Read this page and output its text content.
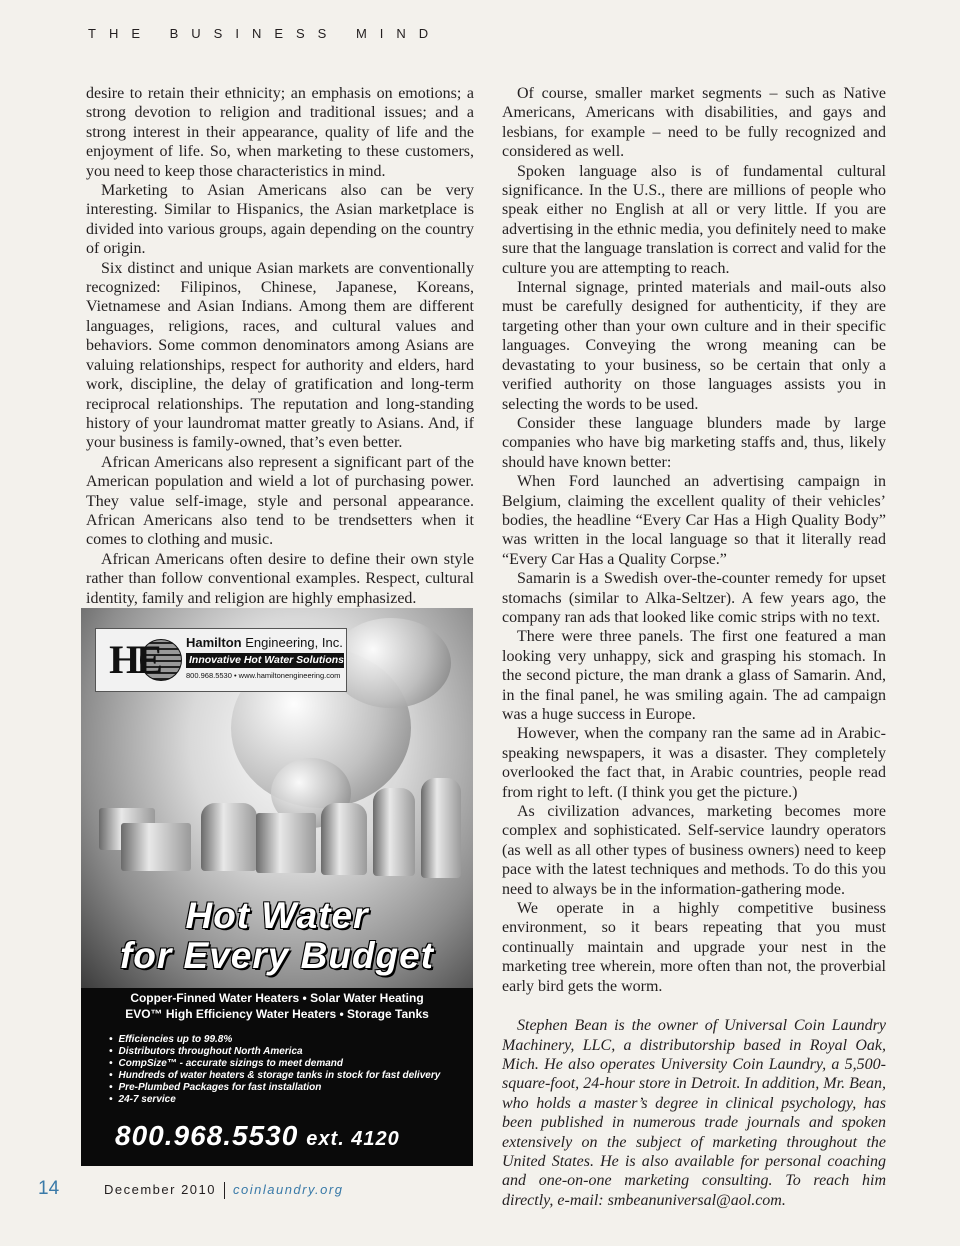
THE BUSINESS MIND

desire to retain their ethnicity; an emphasis on emotions; a strong devotion to religion and traditional issues; and a strong interest in their appearance, quality of life and the enjoyment of life. So, when marketing to these customers, you need to keep those characteristics in mind.

Marketing to Asian Americans also can be very interesting. Similar to Hispanics, the Asian marketplace is divided into various groups, again depending on the country of origin.

Six distinct and unique Asian markets are conventionally recognized: Filipinos, Chinese, Japanese, Koreans, Vietnamese and Asian Indians. Among them are different languages, religions, races, and cultural values and behaviors. Some common denominators among Asians are valuing relationships, respect for authority and elders, hard work, discipline, the delay of gratification and long-term reciprocal relationships. The reputation and long-standing history of your laundromat matter greatly to Asians. And, if your business is family-owned, that’s even better.

African Americans also represent a significant part of the American population and wield a lot of purchasing power. They value self-image, style and personal appearance. African Americans also tend to be trendsetters when it comes to clothing and music.

African Americans often desire to define their own style rather than follow conventional examples. Respect, cultural identity, family and religion are highly emphasized.

HE	Hamilton Engineering, Inc.
Innovative Hot Water Solutions
800.968.5530 • www.hamiltonengineering.com
Hot Water
for Every Budget
Copper-Finned Water Heaters • Solar Water Heating
EVO™ High Efficiency Water Heaters • Storage Tanks
• Efficiencies up to 99.8%
• Distributors throughout North America
• CompSize™ - accurate sizings to meet demand
• Hundreds of water heaters & storage tanks in stock for fast delivery
• Pre-Plumbed Packages for fast installation
• 24-7 service
800.968.5530 ext. 4120

Of course, smaller market segments – such as Native Americans, Americans with disabilities, and gays and lesbians, for example – need to be fully recognized and considered as well.

Spoken language also is of fundamental cultural significance. In the U.S., there are millions of people who speak either no English at all or very little. If you are advertising in the ethnic media, you definitely need to make sure that the language translation is correct and valid for the culture you are attempting to reach.

Internal signage, printed materials and mail-outs also must be carefully designed for authenticity, if they are targeting other than your own culture and in their specific languages. Conveying the wrong meaning can be devastating to your business, so be certain that only a verified authority on those languages assists you in selecting the words to be used.

Consider these language blunders made by large companies who have big marketing staffs and, thus, likely should have known better:

When Ford launched an advertising campaign in Belgium, claiming the excellent quality of their vehicles’ bodies, the headline “Every Car Has a High Quality Body” was written in the local language so that it literally read “Every Car Has a Quality Corpse.”

Samarin is a Swedish over-the-counter remedy for upset stomachs (similar to Alka-Seltzer). A few years ago, the company ran ads that looked like comic strips with no text.

There were three panels. The first one featured a man looking very unhappy, sick and grasping his stomach. In the second picture, the man drank a glass of Samarin. And, in the final panel, he was smiling again. The ad campaign was a huge success in Europe.

However, when the company ran the same ad in Arabic-speaking newspapers, it was a disaster. They completely overlooked the fact that, in Arabic countries, people read from right to left. (I think you get the picture.)

As civilization advances, marketing becomes more complex and sophisticated. Self-service laundry operators (as well as all other types of business owners) need to keep pace with the latest techniques and methods. To do this you need to always be in the information-gathering mode.

We operate in a highly competitive business environment, so it bears repeating that you must continually maintain and upgrade your nest in the marketing tree wherein, more often than not, the proverbial early bird gets the worm.

Stephen Bean is the owner of Universal Coin Laundry Machinery, LLC, a distributorship based in Royal Oak, Mich. He also operates University Coin Laundry, a 5,500-square-foot, 24-hour store in Detroit. In addition, Mr. Bean, who holds a master’s degree in clinical psychology, has been published in numerous trade journals and spoken extensively on the subject of marketing throughout the United States. He is also available for personal coaching and one-on-one marketing consulting. To reach him directly, e-mail: smbeanuniversal@aol.com.

14	December 2010 coinlaundry.org
